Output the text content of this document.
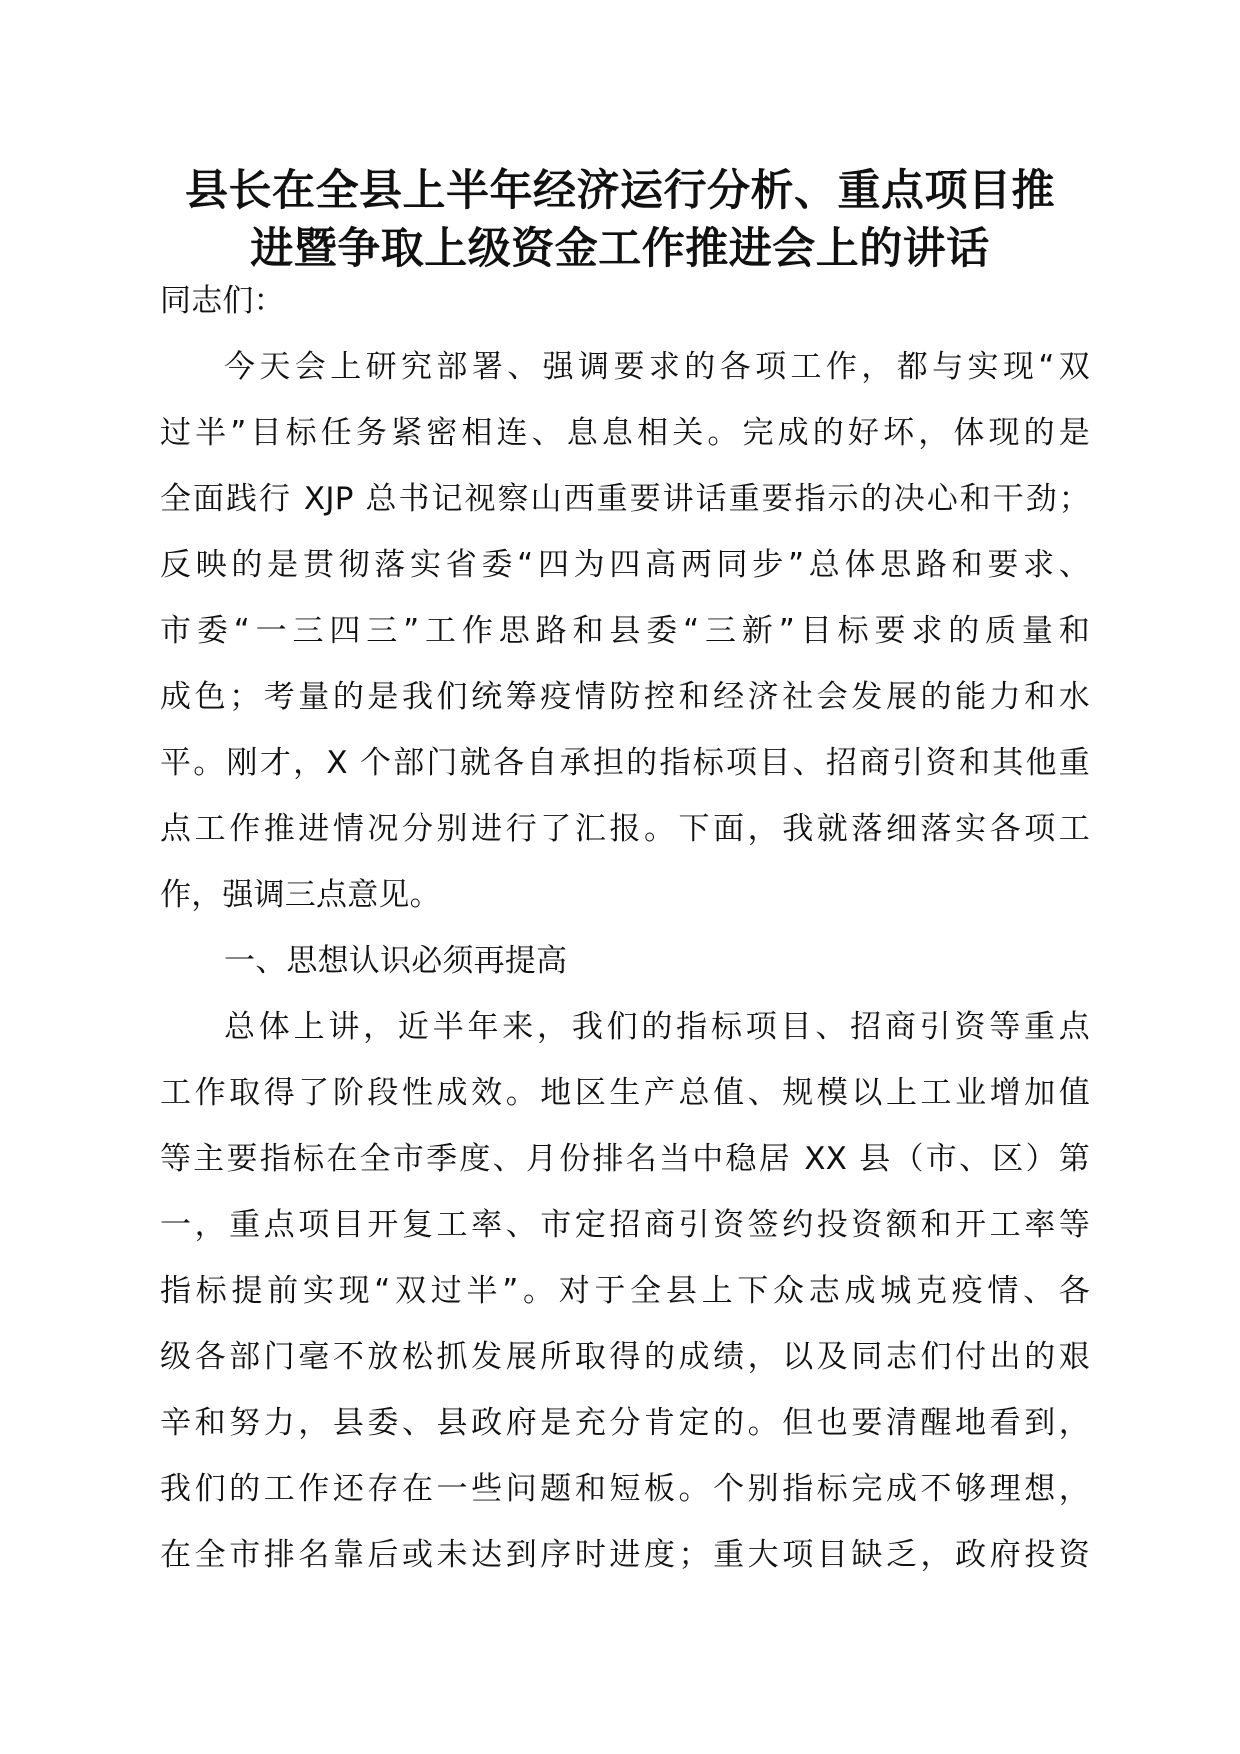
县长在全县上半年经济运行分析、重点项目推
进暨争取上级资金工作推进会上的讲话
同志们：
今天会上研究部署、强调要求的各项工作，都与实现“双
过半”目标任务紧密相连、息息相关。完成的好坏，体现的是
全面践行 XJP 总书记视察山西重要讲话重要指示的决心和干劲；
反映的是贯彻落实省委“四为四高两同步”总体思路和要求、
市委“一三四三”工作思路和县委“三新”目标要求的质量和
成色；考量的是我们统筹疫情防控和经济社会发展的能力和水
平。刚才，X 个部门就各自承担的指标项目、招商引资和其他重
点工作推进情况分别进行了汇报。下面，我就落细落实各项工
作，强调三点意见。
一、思想认识必须再提高
总体上讲，近半年来，我们的指标项目、招商引资等重点
工作取得了阶段性成效。地区生产总值、规模以上工业增加值
等主要指标在全市季度、月份排名当中稳居 XX 县（市、区）第
一，重点项目开复工率、市定招商引资签约投资额和开工率等
指标提前实现“双过半”。对于全县上下众志成城克疫情、各
级各部门毫不放松抓发展所取得的成绩，以及同志们付出的艰
辛和努力，县委、县政府是充分肯定的。但也要清醒地看到，
我们的工作还存在一些问题和短板。个别指标完成不够理想，
在全市排名靠后或未达到序时进度；重大项目缺乏，政府投资
